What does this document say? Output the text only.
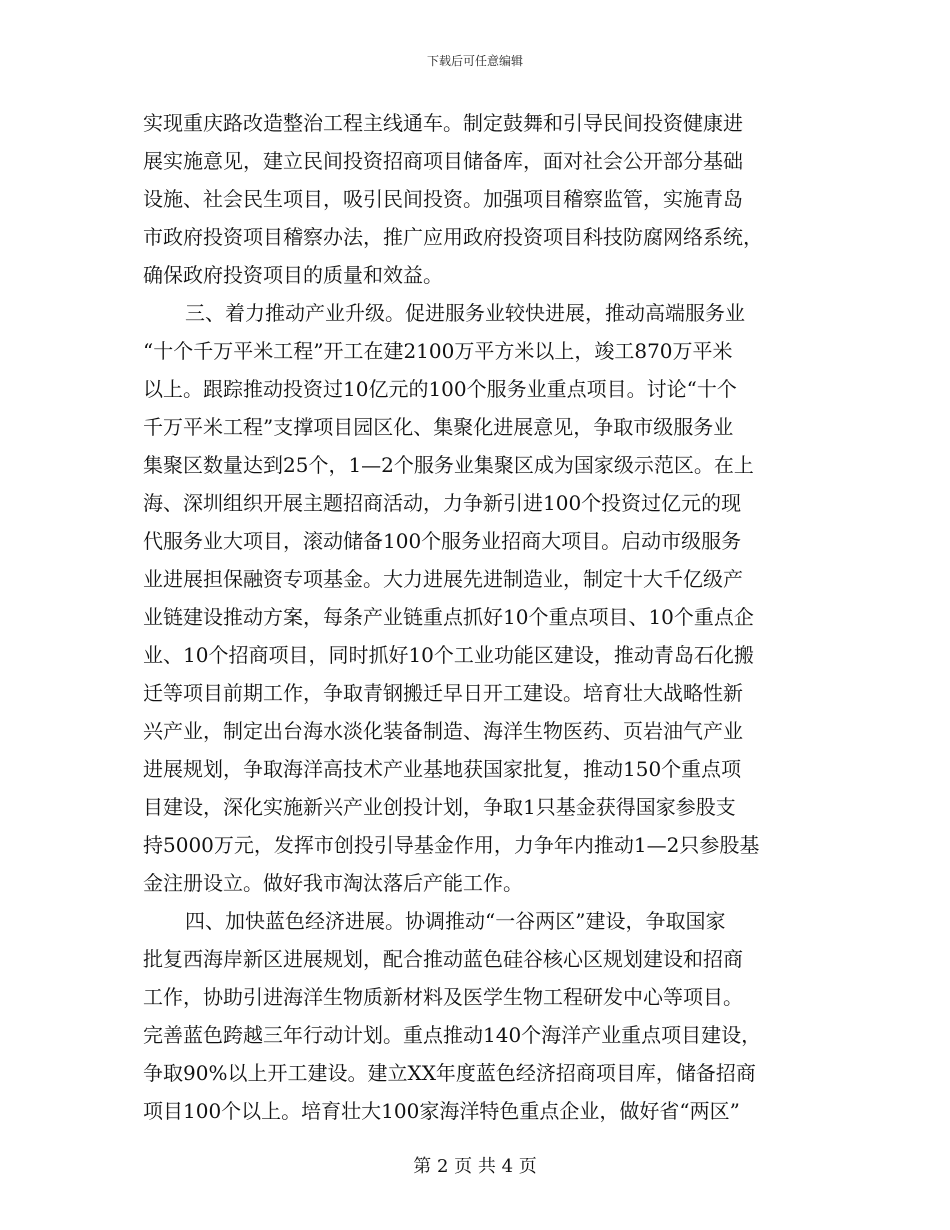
下载后可任意编辑
实现重庆路改造整治工程主线通车。制定鼓舞和引导民间投资健康进
展实施意见，建立民间投资招商项目储备库，面对社会公开部分基础
设施、社会民生项目，吸引民间投资。加强项目稽察监管，实施青岛
市政府投资项目稽察办法，推广应用政府投资项目科技防腐网络系统，
确保政府投资项目的质量和效益。
三、着力推动产业升级。促进服务业较快进展，推动高端服务业
“十个千万平米工程”开工在建2100万平方米以上，竣工870万平米
以上。跟踪推动投资过10亿元的100个服务业重点项目。讨论“十个
千万平米工程”支撑项目园区化、集聚化进展意见，争取市级服务业
集聚区数量达到25个，1—2个服务业集聚区成为国家级示范区。在上
海、深圳组织开展主题招商活动，力争新引进100个投资过亿元的现
代服务业大项目，滚动储备100个服务业招商大项目。启动市级服务
业进展担保融资专项基金。大力进展先进制造业，制定十大千亿级产
业链建设推动方案，每条产业链重点抓好10个重点项目、10个重点企
业、10个招商项目，同时抓好10个工业功能区建设，推动青岛石化搬
迁等项目前期工作，争取青钢搬迁早日开工建设。培育壮大战略性新
兴产业，制定出台海水淡化装备制造、海洋生物医药、页岩油气产业
进展规划，争取海洋高技术产业基地获国家批复，推动150个重点项
目建设，深化实施新兴产业创投计划，争取1只基金获得国家参股支
持5000万元，发挥市创投引导基金作用，力争年内推动1—2只参股基
金注册设立。做好我市淘汰落后产能工作。
四、加快蓝色经济进展。协调推动“一谷两区”建设，争取国家
批复西海岸新区进展规划，配合推动蓝色硅谷核心区规划建设和招商
工作，协助引进海洋生物质新材料及医学生物工程研发中心等项目。
完善蓝色跨越三年行动计划。重点推动140个海洋产业重点项目建设，
争取90%以上开工建设。建立XX年度蓝色经济招商项目库，储备招商
项目100个以上。培育壮大100家海洋特色重点企业，做好省“两区”
第 2 页 共 4 页
